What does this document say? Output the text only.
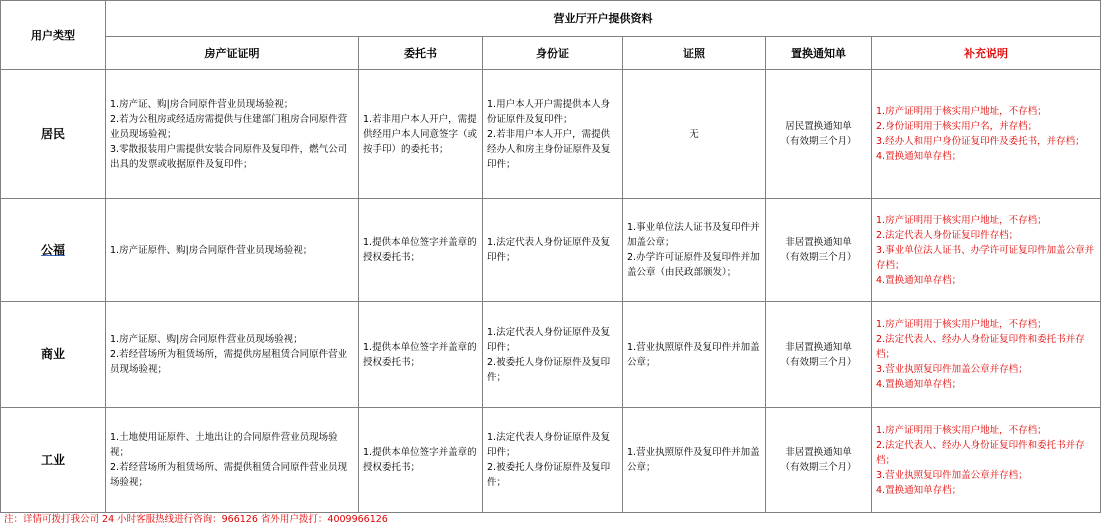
用户类型	营业厅开户提供资料					
	房产证证明	委托书	身份证	证照	置换通知单	补充说明
居民	1.房产证、购|房合同原件营业员现场验视；
2.若为公租房或经适房需提供与住建部门租房合同原件营业员现场验视；
3.零散报装用户需提供安装合同原件及复印件，燃气公司出具的发票或收据原件及复印件；	1.若非用户本人开户，需提供经用户本人同意签字（或按手印）的委托书；	1.用户本人开户需提供本人身份证原件及复印件；
2.若非用户本人开户，需提供经办人和房主身份证原件及复印件；	无	居民置换通知单
（有效期三个月）	1.房产证明用于核实用户地址，不存档；
2.身份证明用于核实用户名，并存档；
3.经办人和用户身份证复印件及委托书，并存档；
4.置换通知单存档；

公福	1.房产证原件、购|房合同原件营业员现场验视；	1.提供本单位签字并盖章的授权委托书；	1.法定代表人身份证原件及复印件；	1.事业单位法人证书及复印件并加盖公章；
2.办学许可证原件及复印件并加盖公章（由民政部颁发）；	非居置换通知单
（有效期三个月）	1.房产证明用于核实用户地址，不存档；
2.法定代表人身份证复印件存档；
3.事业单位法人证书、办学许可证复印件加盖公章并存档；
4.置换通知单存档；

商业	1.房产证原、购|房合同原件营业员现场验视；
2.若经营场所为租赁场所，需提供房屋租赁合同原件营业员现场验视；	1.提供本单位签字并盖章的授权委托书；	1.法定代表人身份证原件及复印件；
2.被委托人身份证原件及复印件；	1.营业执照原件及复印件并加盖公章；	非居置换通知单
（有效期三个月）	1.房产证明用于核实用户地址，不存档；
2.法定代表人、经办人身份证复印件和委托书并存档；
3.营业执照复印件加盖公章并存档；
4.置换通知单存档；

工业	1.土地使用证原件、土地出让的合同原件营业员现场验视；
2.若经营场所为租赁场所、需提供租赁合同原件营业员现场验视；	1.提供本单位签字并盖章的授权委托书；	1.法定代表人身份证原件及复印件；
2.被委托人身份证原件及复印件；	1.营业执照原件及复印件并加盖公章；	非居置换通知单
（有效期三个月）	1.房产证明用于核实用户地址，不存档；
2.法定代表人、经办人身份证复印件和委托书并存档；
3.营业执照复印件加盖公章并存档；
4.置换通知单存档；
注：详情可拨打我公司 24 小时客服热线进行咨询：966126 省外用户拨打：4009966126
